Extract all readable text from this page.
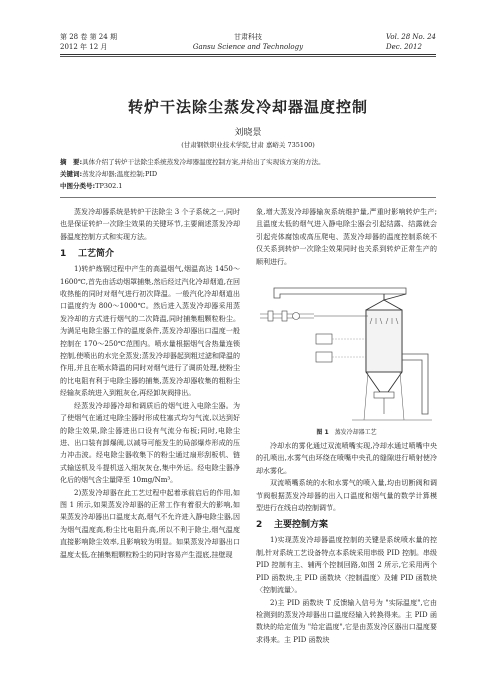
第 28 卷 第 24 期
2012 年 12 月
甘肃科技
Gansu Science and Technology
Vol. 28 No. 24
Dec. 2012
转炉干法除尘蒸发冷却器温度控制
刘晓景
(甘肃钢铁职业技术学院,甘肃 嘉峪关 735100)
摘　要:具体介绍了转炉干法除尘系统蒸发冷却器温度控制方案,并给出了实现该方案的方法。
关键词:蒸发冷却器;温度控制;PID
中图分类号:TP302.1

蒸发冷却器系统是转炉干法除尘 3 个子系统之一,同时也是保证转炉一次除尘效果的关键环节,主要阐述蒸发冷却器温度控制方式和实现方法。

1 工艺简介

1)转炉炼钢过程中产生的高温烟气,烟温高达 1450～1600℃,首先由活动烟罩捕集,然后经过汽化冷却烟道,在回收热能的同时对烟气进行初次降温。一般汽化冷却烟道出口温度约为 800～1000℃。然后进入蒸发冷却器采用蒸发冷却的方式进行烟气的二次降温,同时捕集粗颗粒粉尘。为满足电除尘器工作的温度条件,蒸发冷却器出口温度一般控制在 170～250℃范围内。喷水量根据烟气含热量连锁控制,使喷出的水完全蒸发;蒸发冷却器起到粗过滤和降温的作用,并且在喷水降温的同时对烟气进行了调质处理,使粉尘的比电阻有利于电除尘器的捕集,蒸发冷却器收集的粗粉尘经输灰系统进入到粗灰仓,再经卸灰阀排出。

经蒸发冷却器冷却和调质后的烟气进入电除尘器。为了使烟气在通过电除尘器时形成柱塞式均匀气流,以达到好的除尘效果,除尘器进出口设有气流分布板;同时,电除尘进、出口装有卸爆阀,以减导可能发生的局部爆炸形成的压力冲击波。经电除尘器收集下的粉尘通过扇形刮板机、链式输送机及斗提机送入细灰灰仓,集中外运。经电除尘器净化后的烟气含尘量降至 10mg/Nm³。

2)蒸发冷却器在此工艺过程中起着承前启后的作用,如图 1 所示,如果蒸发冷却器的正常工作有着很大的影响,如果蒸发冷却器出口温度太高,烟气不允许进入静电除尘器,因为烟气温度高,粉尘比电阻升高,所以不利于除尘,烟气温度直接影响除尘效率,且影响较为明显。如果蒸发冷却器出口温度太低,在捕集粗颗粒粉尘的同时容易产生湿底,挂壁现

象,增大蒸发冷却器输灰系统维护量,严重时影响转炉生产;且温度太低的烟气进入静电除尘器会引起结露、结露就会引起壳体腐蚀或高压爬电、蒸发冷却器的温度控制系统不仅关系到转炉一次除尘效果同时也关系到转炉正常生产的顺利进行。

图 1 蒸发冷却器工艺

冷却水的雾化通过双流喷嘴实现,冷却水通过喷嘴中央的孔喷出,水雾气由环绕在喷嘴中央孔的缝隙进行喷射使冷却水雾化。

双流喷嘴系统的水和水雾气的喷入量,均由切断阀和调节阀根据蒸发冷却器的出入口温度和烟气量的数学计算模型进行在线自动控制调节。

2 主要控制方案

1)实现蒸发冷却器温度控制的关键是系统喷水量的控制,针对系统工艺设备特点本系统采用串级 PID 控制。串级 PID 控制有主、辅两个控制回路,如图 2 所示,它采用两个 PID 函数块,主 PID 函数块〈控制温度〉及辅 PID 函数块〈控制流量〉。

2)主 PID 函数块 T 反馈输入信号为 "实际温度",它由检测到的蒸发冷却器出口温度经输入转换得来。主 PID 函数块的给定值为 "给定温度",它是由蒸发冷区器出口温度要求得来。主 PID 函数块
